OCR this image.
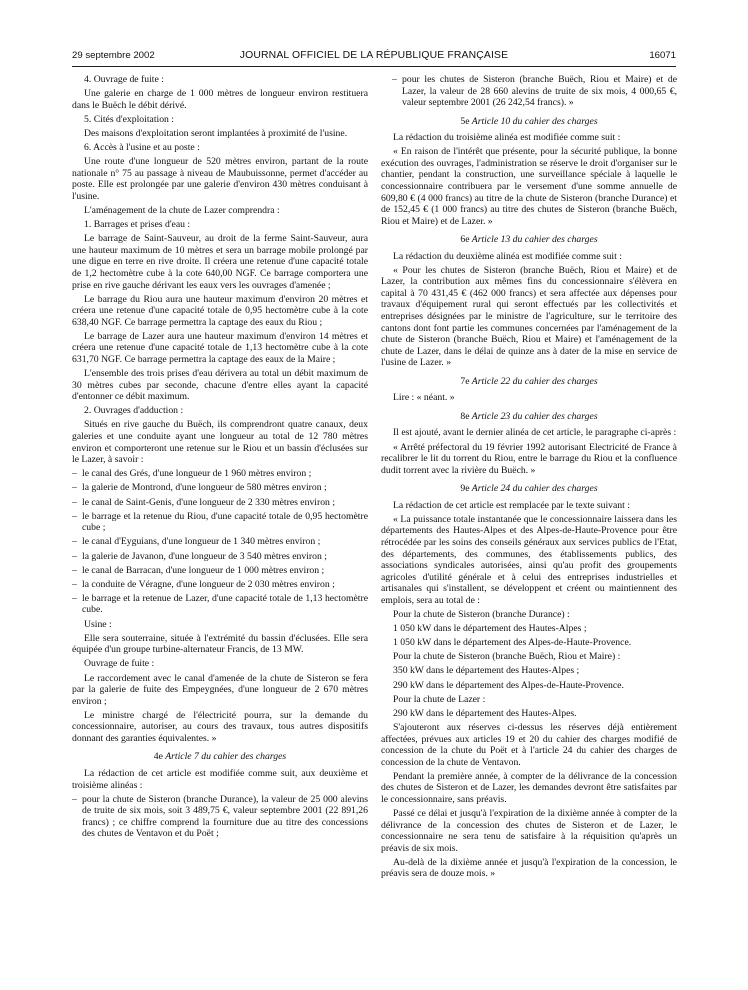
29 septembre 2002	JOURNAL OFFICIEL DE LA RÉPUBLIQUE FRANÇAISE	16071

4. Ouvrage de fuite :

Une galerie en charge de 1 000 mètres de longueur environ restituera dans le Buëch le débit dérivé.

5. Cités d'exploitation :

Des maisons d'exploitation seront implantées à proximité de l'usine.

6. Accès à l'usine et au poste :

Une route d'une longueur de 520 mètres environ, partant de la route nationale n° 75 au passage à niveau de Maubuissonne, permet d'accéder au poste. Elle est prolongée par une galerie d'environ 430 mètres conduisant à l'usine.

L'aménagement de la chute de Lazer comprendra :

1. Barrages et prises d'eau :

Le barrage de Saint-Sauveur, au droit de la ferme Saint-Sauveur, aura une hauteur maximum de 10 mètres et sera un barrage mobile prolongé par une digue en terre en rive droite. Il créera une retenue d'une capacité totale de 1,2 hectomètre cube à la cote 640,00 NGF. Ce barrage comportera une prise en rive gauche dérivant les eaux vers les ouvrages d'amenée ;

Le barrage du Riou aura une hauteur maximum d'environ 20 mètres et créera une retenue d'une capacité totale de 0,95 hectomètre cube à la cote 638,40 NGF. Ce barrage permettra la captage des eaux du Riou ;

Le barrage de Lazer aura une hauteur maximum d'environ 14 mètres et créera une retenue d'une capacité totale de 1,13 hectomètre cube à la cote 631,70 NGF. Ce barrage permettra la captage des eaux de la Maire ;

L'ensemble des trois prises d'eau dérivera au total un débit maximum de 30 mètres cubes par seconde, chacune d'entre elles ayant la capacité d'entonner ce débit maximum.

2. Ouvrages d'adduction :

Situés en rive gauche du Buëch, ils comprendront quatre canaux, deux galeries et une conduite ayant une longueur au total de 12 780 mètres environ et comporteront une retenue sur le Riou et un bassin d'éclusées sur le Lazer, à savoir :

– le canal des Grés, d'une longueur de 1 960 mètres environ ;

– la galerie de Montrond, d'une longueur de 580 mètres environ ;

– le canal de Saint-Genis, d'une longueur de 2 330 mètres environ ;

– le barrage et la retenue du Riou, d'une capacité totale de 0,95 hectomètre cube ;

– le canal d'Eyguians, d'une longueur de 1 340 mètres environ ;

– la galerie de Javanon, d'une longueur de 3 540 mètres environ ;

– le canal de Barracan, d'une longueur de 1 000 mètres environ ;

– la conduite de Véragne, d'une longueur de 2 030 mètres environ ;

– le barrage et la retenue de Lazer, d'une capacité totale de 1,13 hectomètre cube.

Usine :

Elle sera souterraine, située à l'extrémité du bassin d'éclusées. Elle sera équipée d'un groupe turbine-alternateur Francis, de 13 MW.

Ouvrage de fuite :

Le raccordement avec le canal d'amenée de la chute de Sisteron se fera par la galerie de fuite des Empeygnées, d'une longueur de 2 670 mètres environ ;

Le ministre chargé de l'électricité pourra, sur la demande du concessionnaire, autoriser, au cours des travaux, tous autres dispositifs donnant des garanties équivalentes. »

4e Article 7 du cahier des charges

La rédaction de cet article est modifiée comme suit, aux deuxième et troisième alinéas :

– pour la chute de Sisteron (branche Durance), la valeur de 25 000 alevins de truite de six mois, soit 3 489,75 €, valeur septembre 2001 (22 891,26 francs) ; ce chiffre comprend la fourniture due au titre des concessions des chutes de Ventavon et du Poët ;

– pour les chutes de Sisteron (branche Buëch, Riou et Maire) et de Lazer, la valeur de 28 660 alevins de truite de six mois, 4 000,65 €, valeur septembre 2001 (26 242,54 francs). »

5e Article 10 du cahier des charges

La rédaction du troisième alinéa est modifiée comme suit :

« En raison de l'intérêt que présente, pour la sécurité publique, la bonne exécution des ouvrages, l'administration se réserve le droit d'organiser sur le chantier, pendant la construction, une surveillance spéciale à laquelle le concessionnaire contribuera par le versement d'une somme annuelle de 609,80 € (4 000 francs) au titre de la chute de Sisteron (branche Durance) et de 152,45 € (1 000 francs) au titre des chutes de Sisteron (branche Buëch, Riou et Maire) et de Lazer. »

6e Article 13 du cahier des charges

La rédaction du deuxième alinéa est modifiée comme suit :

« Pour les chutes de Sisteron (branche Buëch, Riou et Maire) et de Lazer, la contribution aux mêmes fins du concessionnaire s'élèvera en capital à 70 431,45 € (462 000 francs) et sera affectée aux dépenses pour travaux d'équipement rural qui seront effectués par les collectivités et entreprises désignées par le ministre de l'agriculture, sur le territoire des cantons dont font partie les communes concernées par l'aménagement de la chute de Sisteron (branche Buëch, Riou et Maire) et l'aménagement de la chute de Lazer, dans le délai de quinze ans à dater de la mise en service de l'usine de Lazer. »

7e Article 22 du cahier des charges

Lire : « néant. »

8e Article 23 du cahier des charges

Il est ajouté, avant le dernier alinéa de cet article, le paragraphe ci-après :

« Arrêté préfectoral du 19 février 1992 autorisant Electricité de France à recalibrer le lit du torrent du Riou, entre le barrage du Riou et la confluence dudit torrent avec la rivière du Buëch. »

9e Article 24 du cahier des charges

La rédaction de cet article est remplacée par le texte suivant :

« La puissance totale instantanée que le concessionnaire laissera dans les départements des Hautes-Alpes et des Alpes-de-Haute-Provence pour être rétrocédée par les soins des conseils généraux aux services publics de l'Etat, des départements, des communes, des établissements publics, des associations syndicales autorisées, ainsi qu'au profit des groupements agricoles d'utilité générale et à celui des entreprises industrielles et artisanales qui s'installent, se développent et créent ou maintiennent des emplois, sera au total de :

Pour la chute de Sisteron (branche Durance) :

1 050 kW dans le département des Hautes-Alpes ;

1 050 kW dans le département des Alpes-de-Haute-Provence.

Pour la chute de Sisteron (branche Buëch, Riou et Maire) :

350 kW dans le département des Hautes-Alpes ;

290 kW dans le département des Alpes-de-Haute-Provence.

Pour la chute de Lazer :

290 kW dans le département des Hautes-Alpes.

S'ajouteront aux réserves ci-dessus les réserves déjà entièrement affectées, prévues aux articles 19 et 20 du cahier des charges modifié de concession de la chute du Poët et à l'article 24 du cahier des charges de concession de la chute de Ventavon.

Pendant la première année, à compter de la délivrance de la concession des chutes de Sisteron et de Lazer, les demandes devront être satisfaites par le concessionnaire, sans préavis.

Passé ce délai et jusqu'à l'expiration de la dixième année à compter de la délivrance de la concession des chutes de Sisteron et de Lazer, le concessionnaire ne sera tenu de satisfaire à la réquisition qu'après un préavis de six mois.

Au-delà de la dixième année et jusqu'à l'expiration de la concession, le préavis sera de douze mois. »
